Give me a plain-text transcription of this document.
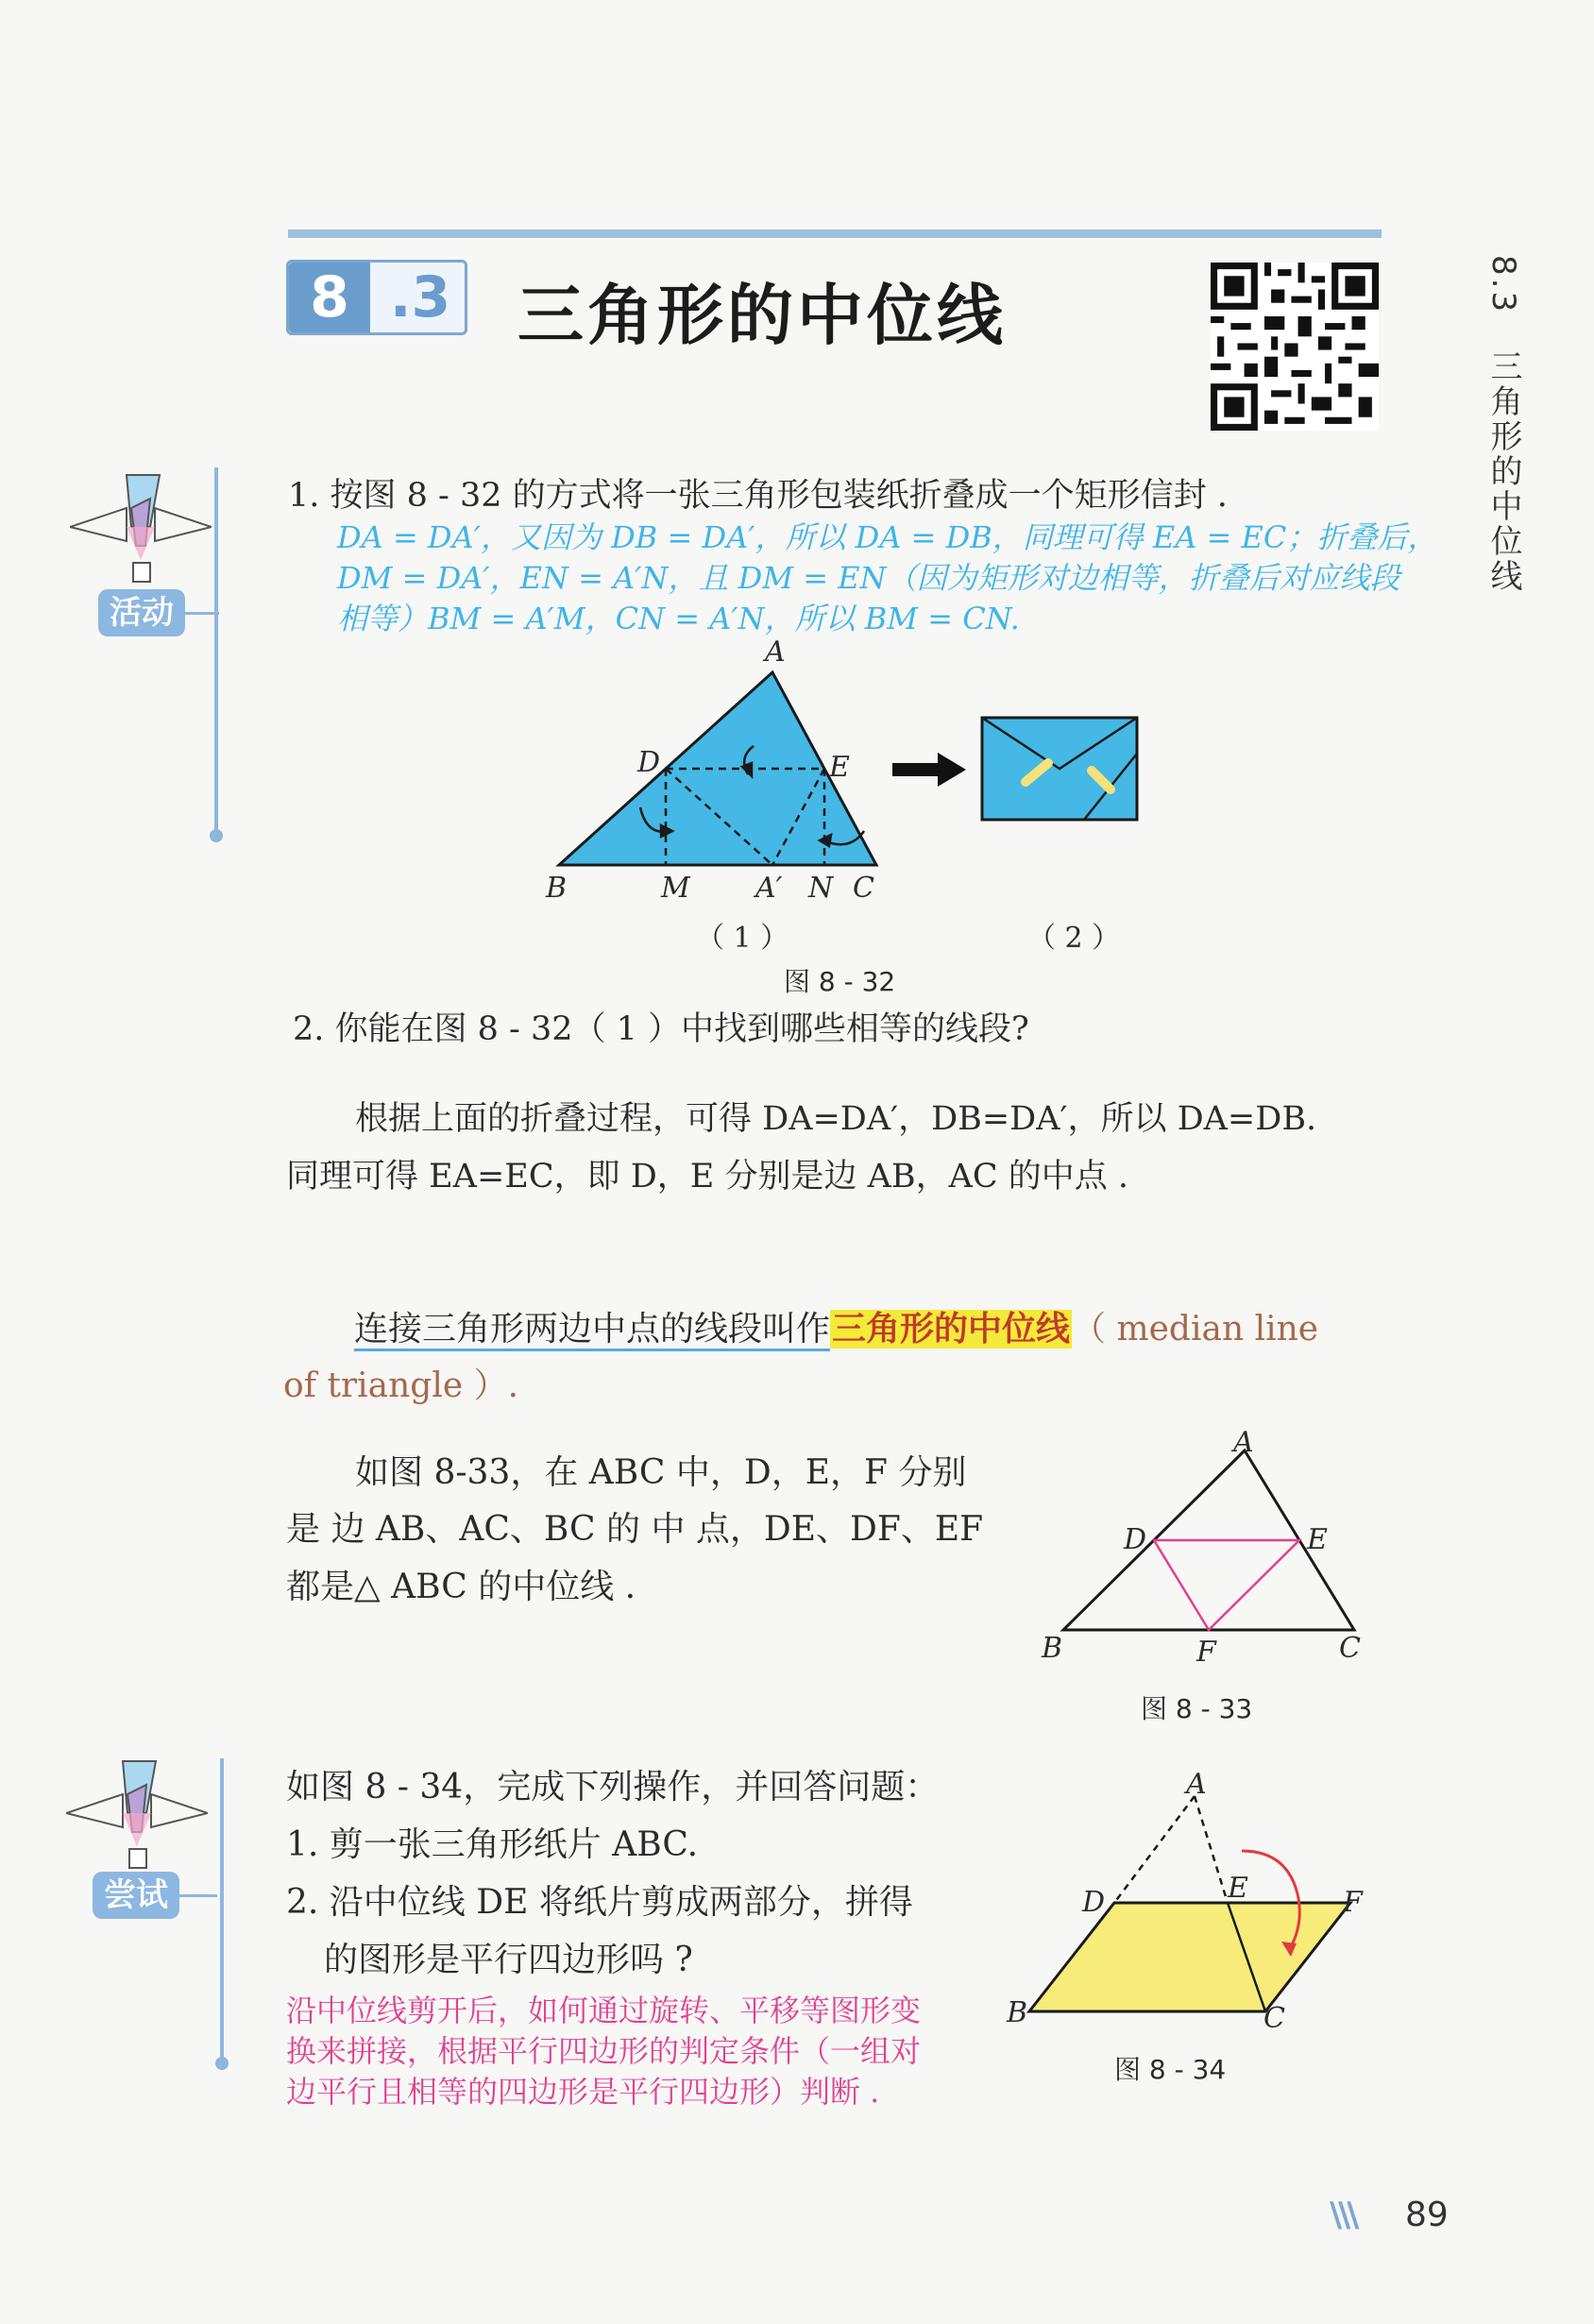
8 .3 三角形的中位线	8.3　三角形的中位线
活动
1. 按图 8 - 32 的方式将一张三角形包装纸折叠成一个矩形信封 .
DA = DA′，又因为 DB = DA′，所以 DA = DB，同理可得 EA = EC；折叠后，
DM = DA′，EN = A′N，且 DM = EN（因为矩形对边相等，折叠后对应线段
相等）BM = A′M，CN = A′N，所以 BM = CN.
A
D	E
B	M A′ N C
（ 1 ）	（ 2 ）
图 8 - 32
2. 你能在图 8 - 32（ 1 ）中找到哪些相等的线段?
根据上面的折叠过程，可得 DA=DA′，DB=DA′，所以 DA=DB.
同理可得 EA=EC，即 D，E 分别是边 AB，AC 的中点 .
连接三角形两边中点的线段叫作三角形的中位线（ median line
of triangle ）.
如图 8-33，在 ABC 中，D，E，F 分别
是 边 AB、AC、BC 的 中 点，DE、DF、EF
都是△ ABC 的中位线 .
A
D	E
B	F	C
图 8 - 33
尝试
如图 8 - 34，完成下列操作，并回答问题：
1. 剪一张三角形纸片 ABC.
2. 沿中位线 DE 将纸片剪成两部分，拼得
的图形是平行四边形吗 ?
沿中位线剪开后，如何通过旋转、平移等图形变
换来拼接，根据平行四边形的判定条件（一组对
边平行且相等的四边形是平行四边形）判断 .
A
D	E	F
B	C
图 8 - 34
\\\ 89
